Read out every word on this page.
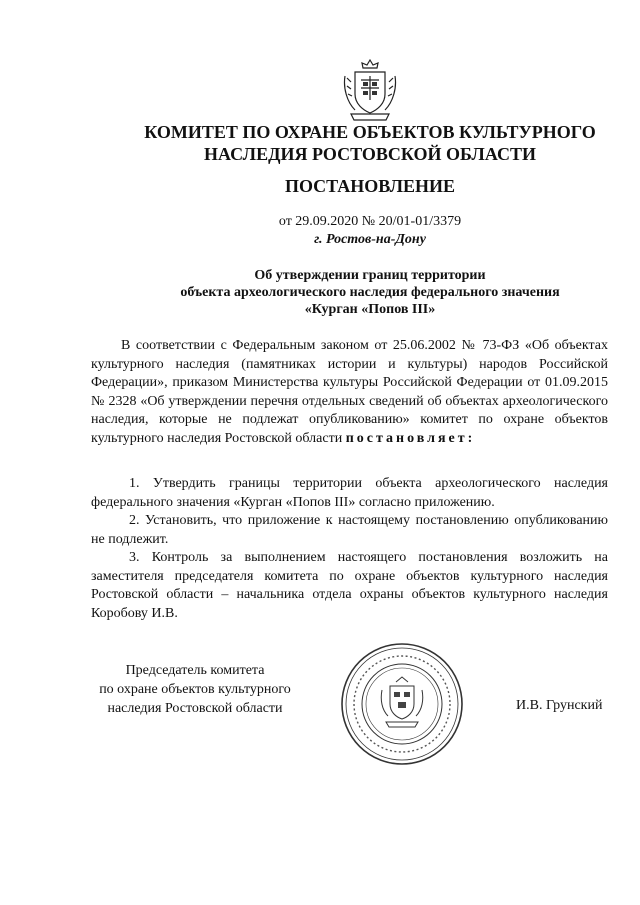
КОМИТЕТ ПО ОХРАНЕ ОБЪЕКТОВ КУЛЬТУРНОГО
НАСЛЕДИЯ РОСТОВСКОЙ ОБЛАСТИ
ПОСТАНОВЛЕНИЕ
от 29.09.2020 № 20/01-01/3379
г. Ростов-на-Дону
Об утверждении границ территории
объекта археологического наследия федерального значения
«Курган «Попов III»
В соответствии с Федеральным законом от 25.06.2002 № 73-ФЗ «Об объектах культурного наследия (памятниках истории и культуры) народов Российской Федерации», приказом Министерства культуры Российской Федерации от 01.09.2015 № 2328 «Об утверждении перечня отдельных сведений об объектах археологического наследия, которые не подлежат опубликованию» комитет по охране объектов культурного наследия Ростовской области постановляет:

1. Утвердить границы территории объекта археологического наследия федерального значения «Курган «Попов III» согласно приложению.

2. Установить, что приложение к настоящему постановлению опубликованию не подлежит.

3. Контроль за выполнением настоящего постановления возложить на заместителя председателя комитета по охране объектов культурного наследия Ростовской области – начальника отдела охраны объектов культурного наследия Коробову И.В.

Председатель комитета
по охране объектов культурного
наследия Ростовской области	И.В. Грунский
